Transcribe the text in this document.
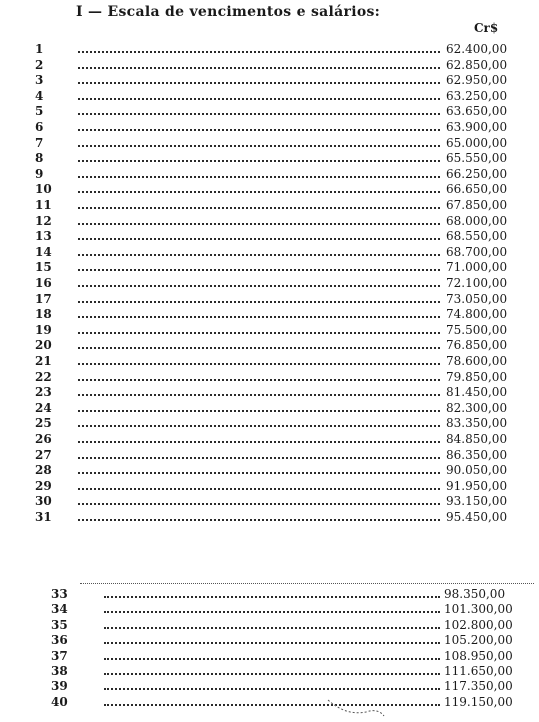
I — Escala de vencimentos e salários:
Cr$
1	62.400,00
2	62.850,00
3	62.950,00
4	63.250,00
5	63.650,00
6	63.900,00
7	65.000,00
8	65.550,00
9	66.250,00
10	66.650,00
11	67.850,00
12	68.000,00
13	68.550,00
14	68.700,00
15	71.000,00
16	72.100,00
17	73.050,00
18	74.800,00
19	75.500,00
20	76.850,00
21	78.600,00
22	79.850,00
23	81.450,00
24	82.300,00
25	83.350,00
26	84.850,00
27	86.350,00
28	90.050,00
29	91.950,00
30	93.150,00
31	95.450,00
33	98.350,00
34	101.300,00
35	102.800,00
36	105.200,00
37	108.950,00
38	111.650,00
39	117.350,00
40	119.150,00
